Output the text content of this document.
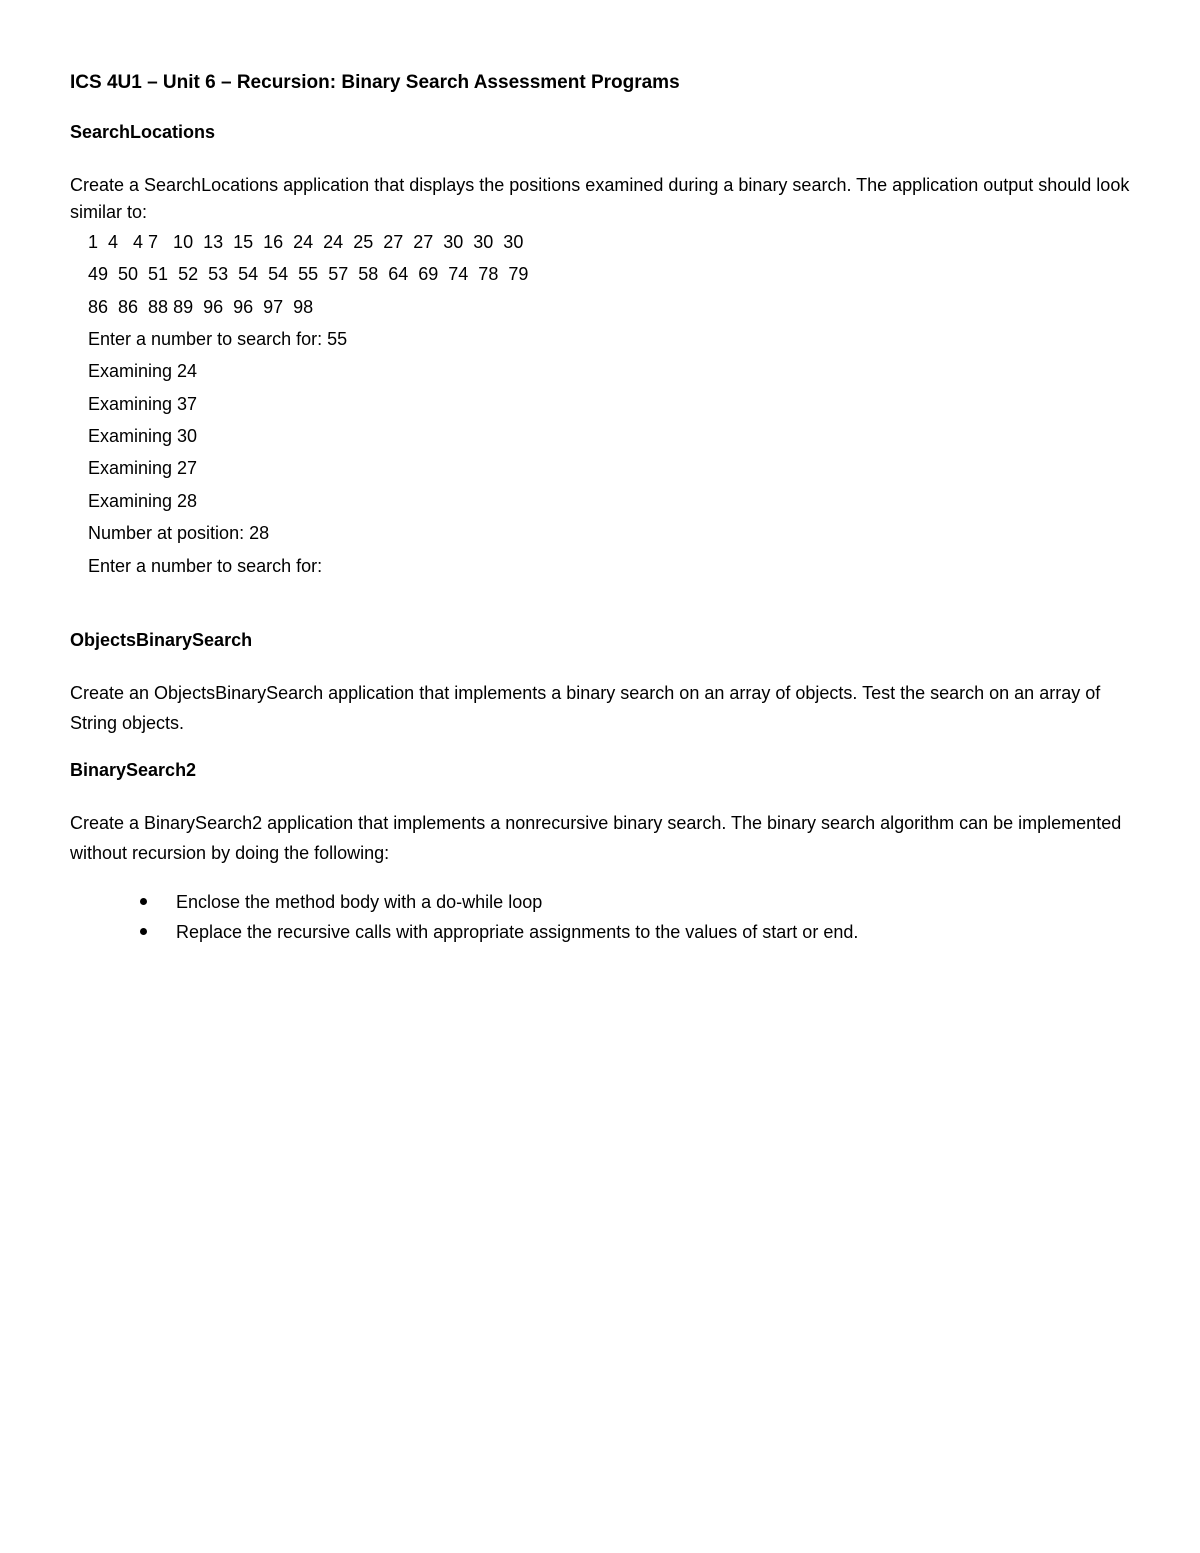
ICS 4U1 – Unit 6 – Recursion: Binary Search Assessment Programs
SearchLocations
Create a SearchLocations application that displays the positions examined during a binary search. The application output should look similar to:
1  4   4 7   10  13  15  16  24  24  25  27  27  30  30  30
49  50  51  52  53  54  54  55  57  58  64  69  74  78  79
86  86  88 89  96  96  97  98
Enter a number to search for: 55
Examining 24
Examining 37
Examining 30
Examining 27
Examining 28
Number at position: 28
Enter a number to search for:
ObjectsBinarySearch
Create an ObjectsBinarySearch application that implements a binary search on an array of objects. Test the search on an array of String objects.
BinarySearch2
Create a BinarySearch2 application that implements a nonrecursive binary search. The binary search algorithm can be implemented without recursion by doing the following:
Enclose the method body with a do-while loop
Replace the recursive calls with appropriate assignments to the values of start or end.
